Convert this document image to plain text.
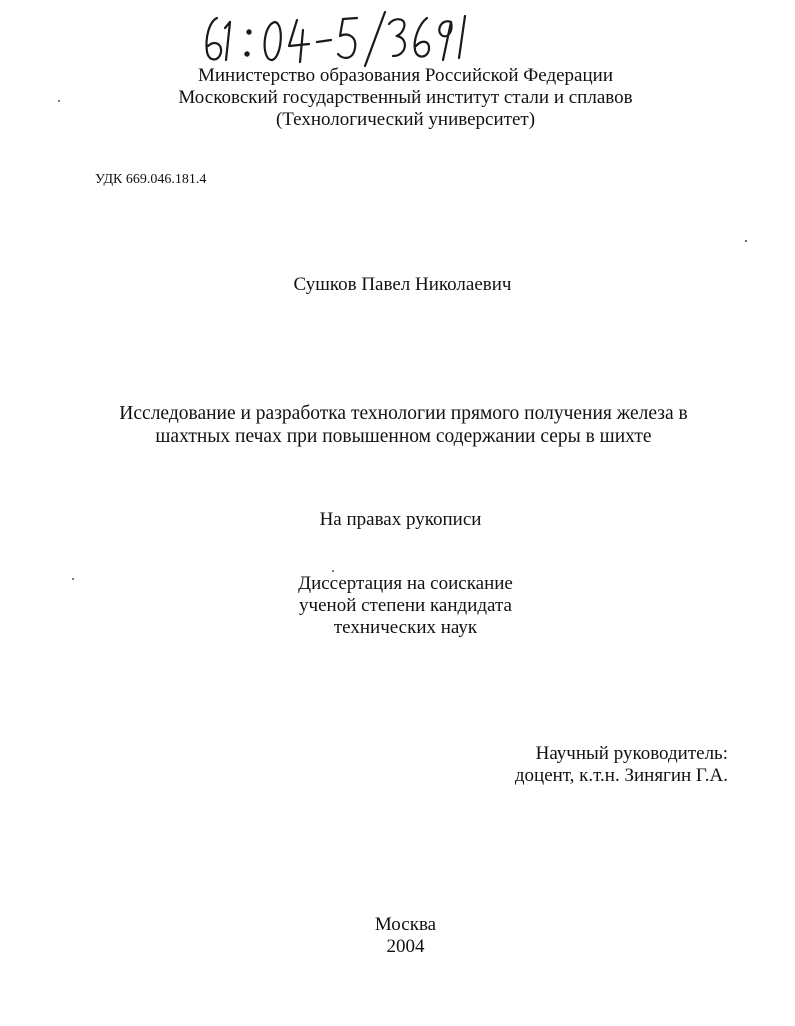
Министерство образования Российской Федерации
Московский государственный институт стали и сплавов
(Технологический университет)
УДК 669.046.181.4
Сушков Павел Николаевич
Исследование и разработка технологии прямого получения железа в
шахтных печах при повышенном содержании серы в шихте
На правах рукописи
Диссертация на соискание
ученой степени кандидата
технических наук
Научный руководитель:
доцент, к.т.н. Зинягин Г.А.
Москва
2004
